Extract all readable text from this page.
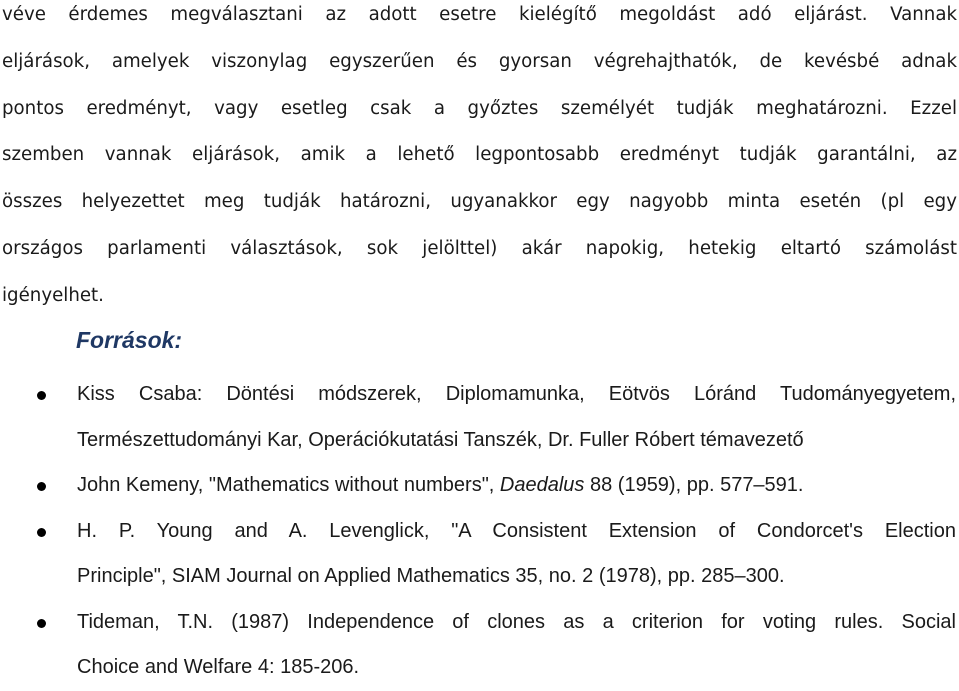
véve érdemes megválasztani az adott esetre kielégítő megoldást adó eljárást. Vannak
eljárások, amelyek viszonylag egyszerűen és gyorsan végrehajthatók, de kevésbé adnak
pontos eredményt, vagy esetleg csak a győztes személyét tudják meghatározni. Ezzel
szemben vannak eljárások, amik a lehető legpontosabb eredményt tudják garantálni, az
összes helyezettet meg tudják határozni, ugyanakkor egy nagyobb minta esetén (pl egy
országos parlamenti választások, sok jelölttel) akár napokig, hetekig eltartó számolást
igényelhet.
Források:
Kiss Csaba: Döntési módszerek, Diplomamunka, Eötvös Lóránd Tudományegyetem,
Természettudományi Kar, Operációkutatási Tanszék, Dr. Fuller Róbert témavezető
John Kemeny, "Mathematics without numbers", Daedalus 88 (1959), pp. 577–591.
H. P. Young and A. Levenglick, "A Consistent Extension of Condorcet's Election
Principle", SIAM Journal on Applied Mathematics 35, no. 2 (1978), pp. 285–300.
Tideman, T.N. (1987) Independence of clones as a criterion for voting rules. Social
Choice and Welfare 4: 185-206.
